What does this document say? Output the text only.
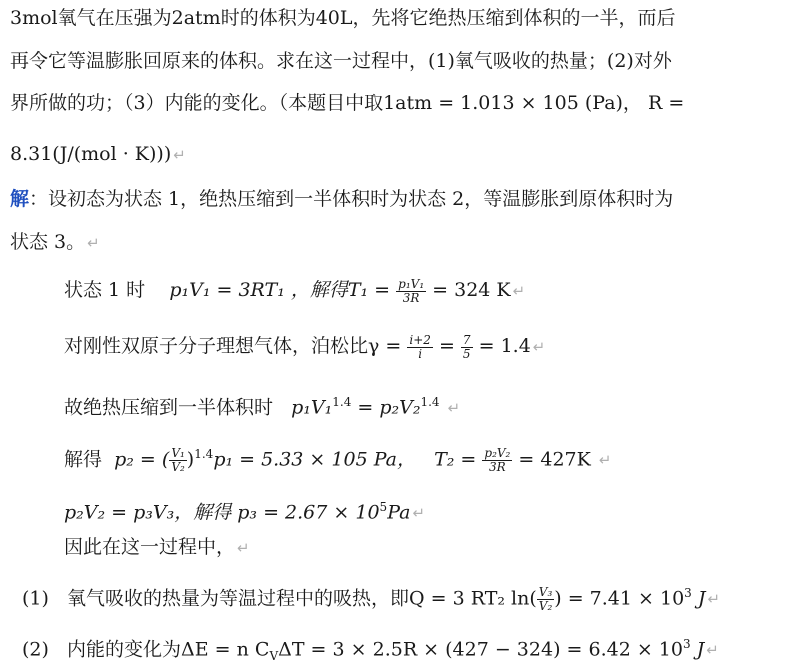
3mol氧气在压强为2atm时的体积为40L，先将它绝热压缩到体积的一半，而后
再令它等温膨胀回原来的体积。求在这一过程中，(1)氧气吸收的热量；(2)对外
界所做的功；（3）内能的变化。（本题目中取1atm = 1.013 × 105 (Pa)， R =
8.31(J/(mol · K))) ↵
解：设初态为状态 1，绝热压缩到一半体积时为状态 2，等温膨胀到原体积时为
状态 3。 ↵
状态 1 时 p₁V₁ = 3RT₁ ，解得$T_1 = \frac{\text{p₁V₁}}{3R} = 324$ K ↵
对刚性双原子分子理想气体，泊松比$\gamma = \frac{i+2}{i} = \frac{7}{5} = 1.4$ ↵
故绝热压缩到一半体积时 p₁V₁$^{1.4}$ = p₂V₂$^{1.4}$ ↵
解得 p₂ = ( $\frac{\text{V₁}}{\text{V₂}} )^{1.4}p_1 = 5.33 \times 105$ Pa， $T_2 = \frac{\text{p₂V₂}}{3R} = 427K$ ↵
p₂V₂ = p₃V₃，解得 $p_3 = 2.67 \times 10^5Pa$ ↵
因此在这一过程中， ↵
(1) 氧气吸收的热量为等温过程中的吸热，即Q = 3 RT₂ $\ln( \frac{\text{V₃}}{\text{V₂}}$ ) = $7.41 \times 10^3$ J ↵
(2) 内能的变化为ΔE = n $C_V\Delta T = 3 \times 2.5R \times (427 - 324) = 6.42 \times 10^3$ J ↵
